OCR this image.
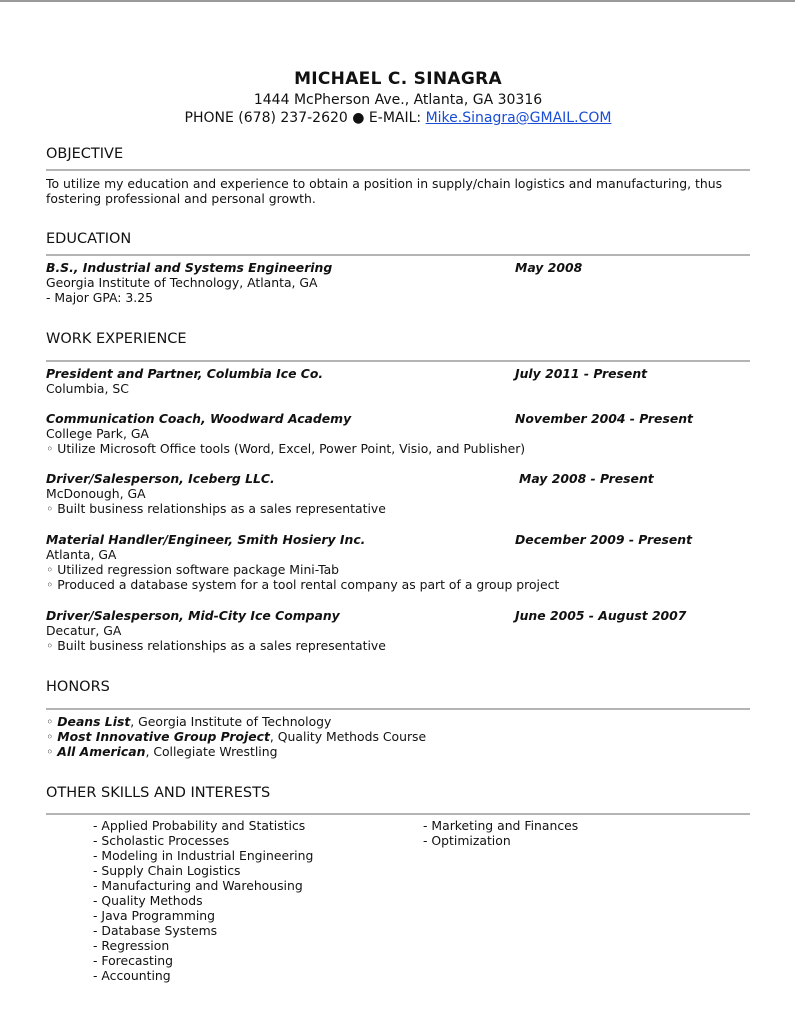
MICHAEL C. SINAGRA
1444 McPherson Ave., Atlanta, GA 30316
PHONE (678) 237-2620 ● E-MAIL: Mike.Sinagra@GMAIL.COM
OBJECTIVE
To utilize my education and experience to obtain a position in supply/chain logistics and manufacturing, thus fostering professional and personal growth.
EDUCATION
B.S., Industrial and Systems Engineering	May 2008
Georgia Institute of Technology, Atlanta, GA
- Major GPA: 3.25
WORK EXPERIENCE
President and Partner, Columbia Ice Co.	July 2011 - Present
Columbia, SC
Communication Coach, Woodward Academy	November 2004 - Present
College Park, GA
◦ Utilize Microsoft Office tools (Word, Excel, Power Point, Visio, and Publisher)
Driver/Salesperson, Iceberg LLC.	May 2008 - Present
McDonough, GA
◦ Built business relationships as a sales representative
Material Handler/Engineer, Smith Hosiery Inc.	December 2009 - Present
Atlanta, GA
◦ Utilized regression software package Mini-Tab
◦ Produced a database system for a tool rental company as part of a group project
Driver/Salesperson, Mid-City Ice Company	June 2005 - August 2007
Decatur, GA
◦ Built business relationships as a sales representative
HONORS
◦ Deans List, Georgia Institute of Technology
◦ Most Innovative Group Project, Quality Methods Course
◦ All American, Collegiate Wrestling
OTHER SKILLS AND INTERESTS
- Applied Probability and Statistics
- Scholastic Processes
- Modeling in Industrial Engineering
- Supply Chain Logistics
- Manufacturing and Warehousing
- Quality Methods
- Java Programming
- Database Systems
- Regression
- Forecasting
- Accounting
- Marketing and Finances
- Optimization
